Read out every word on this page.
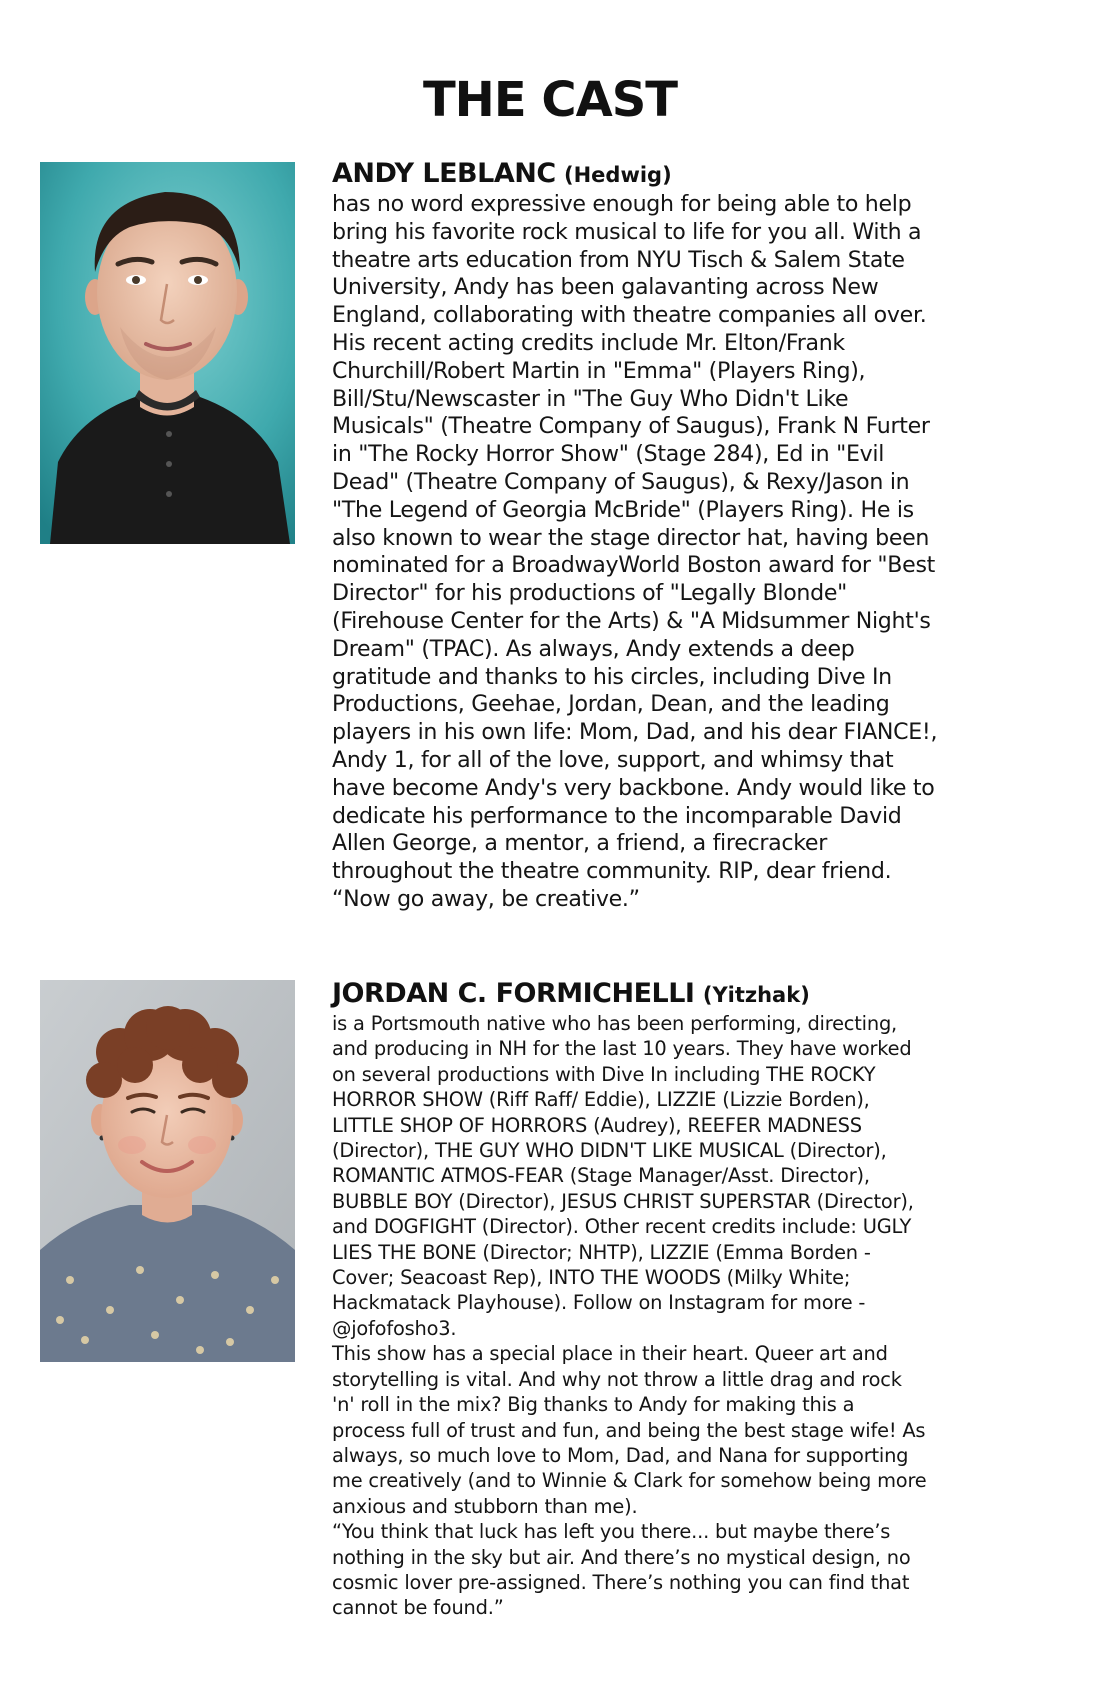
THE CAST
ANDY LEBLANC (Hedwig)

has no word expressive enough for being able to help
bring his favorite rock musical to life for you all. With a
theatre arts education from NYU Tisch & Salem State
University, Andy has been galavanting across New
England, collaborating with theatre companies all over.
His recent acting credits include Mr. Elton/Frank
Churchill/Robert Martin in "Emma" (Players Ring),
Bill/Stu/Newscaster in "The Guy Who Didn't Like
Musicals" (Theatre Company of Saugus), Frank N Furter
in "The Rocky Horror Show" (Stage 284), Ed in "Evil
Dead" (Theatre Company of Saugus), & Rexy/Jason in
"The Legend of Georgia McBride" (Players Ring). He is
also known to wear the stage director hat, having been
nominated for a BroadwayWorld Boston award for "Best
Director" for his productions of "Legally Blonde"
(Firehouse Center for the Arts) & "A Midsummer Night's
Dream" (TPAC). As always, Andy extends a deep
gratitude and thanks to his circles, including Dive In
Productions, Geehae, Jordan, Dean, and the leading
players in his own life: Mom, Dad, and his dear FIANCE!,
Andy 1, for all of the love, support, and whimsy that
have become Andy's very backbone. Andy would like to
dedicate his performance to the incomparable David
Allen George, a mentor, a friend, a firecracker
throughout the theatre community. RIP, dear friend.
“Now go away, be creative.”

JORDAN C. FORMICHELLI (Yitzhak)

is a Portsmouth native who has been performing, directing,
and producing in NH for the last 10 years. They have worked
on several productions with Dive In including THE ROCKY
HORROR SHOW (Riff Raff/ Eddie), LIZZIE (Lizzie Borden),
LITTLE SHOP OF HORRORS (Audrey), REEFER MADNESS
(Director), THE GUY WHO DIDN'T LIKE MUSICAL (Director),
ROMANTIC ATMOS-FEAR (Stage Manager/Asst. Director),
BUBBLE BOY (Director), JESUS CHRIST SUPERSTAR (Director),
and DOGFIGHT (Director). Other recent credits include: UGLY
LIES THE BONE (Director; NHTP), LIZZIE (Emma Borden -
Cover; Seacoast Rep), INTO THE WOODS (Milky White;
Hackmatack Playhouse). Follow on Instagram for more -
@jofofosho3.
This show has a special place in their heart. Queer art and
storytelling is vital. And why not throw a little drag and rock
'n' roll in the mix? Big thanks to Andy for making this a
process full of trust and fun, and being the best stage wife! As
always, so much love to Mom, Dad, and Nana for supporting
me creatively (and to Winnie & Clark for somehow being more
anxious and stubborn than me).
“You think that luck has left you there... but maybe there’s
nothing in the sky but air. And there’s no mystical design, no
cosmic lover pre-assigned. There’s nothing you can find that
cannot be found.”
